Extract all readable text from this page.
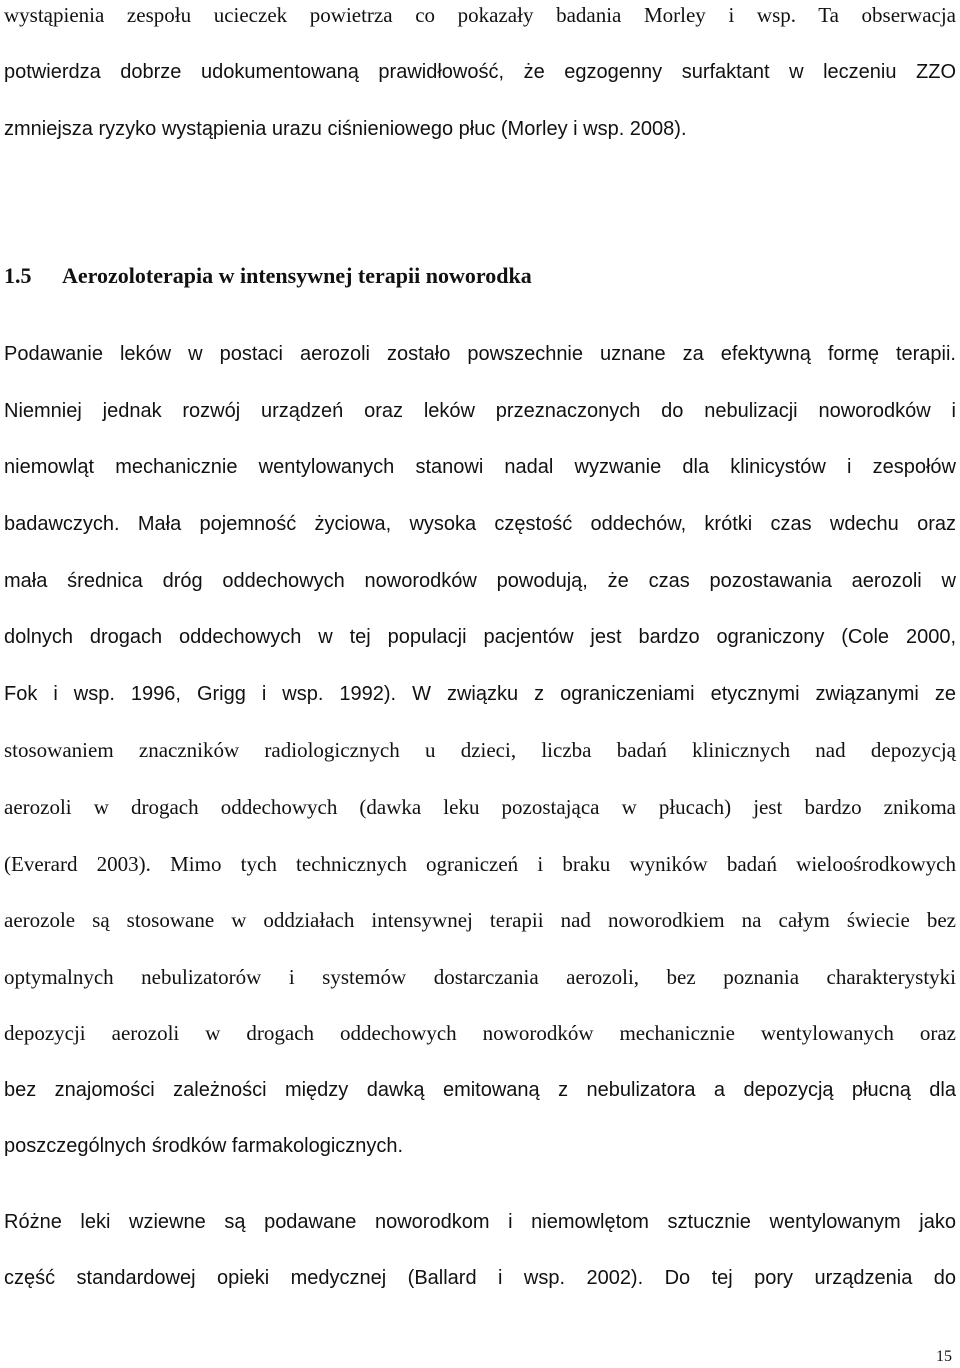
wystąpienia zespołu ucieczek powietrza co pokazały badania Morley i wsp. Ta obserwacja
potwierdza dobrze udokumentowaną prawidłowość, że egzogenny surfaktant w leczeniu ZZO
zmniejsza ryzyko wystąpienia urazu ciśnieniowego płuc (Morley i wsp. 2008).
1.5 Aerozoloterapia w intensywnej terapii noworodka
Podawanie leków w postaci aerozoli zostało powszechnie uznane za efektywną formę terapii.
Niemniej jednak rozwój urządzeń oraz leków przeznaczonych do nebulizacji noworodków i
niemowląt mechanicznie wentylowanych stanowi nadal wyzwanie dla klinicystów i zespołów
badawczych. Mała pojemność życiowa, wysoka częstość oddechów, krótki czas wdechu oraz
mała średnica dróg oddechowych noworodków powodują, że czas pozostawania aerozoli w
dolnych drogach oddechowych w tej populacji pacjentów jest bardzo ograniczony (Cole 2000,
Fok i wsp. 1996, Grigg i wsp. 1992). W związku z ograniczeniami etycznymi związanymi ze
stosowaniem znaczników radiologicznych u dzieci, liczba badań klinicznych nad depozycją
aerozoli w drogach oddechowych (dawka leku pozostająca w płucach) jest bardzo znikoma
(Everard 2003). Mimo tych technicznych ograniczeń i braku wyników badań wieloośrodkowych
aerozole są stosowane w oddziałach intensywnej terapii nad noworodkiem na całym świecie bez
optymalnych nebulizatorów i systemów dostarczania aerozoli, bez poznania charakterystyki
depozycji aerozoli w drogach oddechowych noworodków mechanicznie wentylowanych oraz
bez znajomości zależności między dawką emitowaną z nebulizatora a depozycją płucną dla
poszczególnych środków farmakologicznych.
Różne leki wziewne są podawane noworodkom i niemowlętom sztucznie wentylowanym jako
część standardowej opieki medycznej (Ballard i wsp. 2002). Do tej pory urządzenia do
15
